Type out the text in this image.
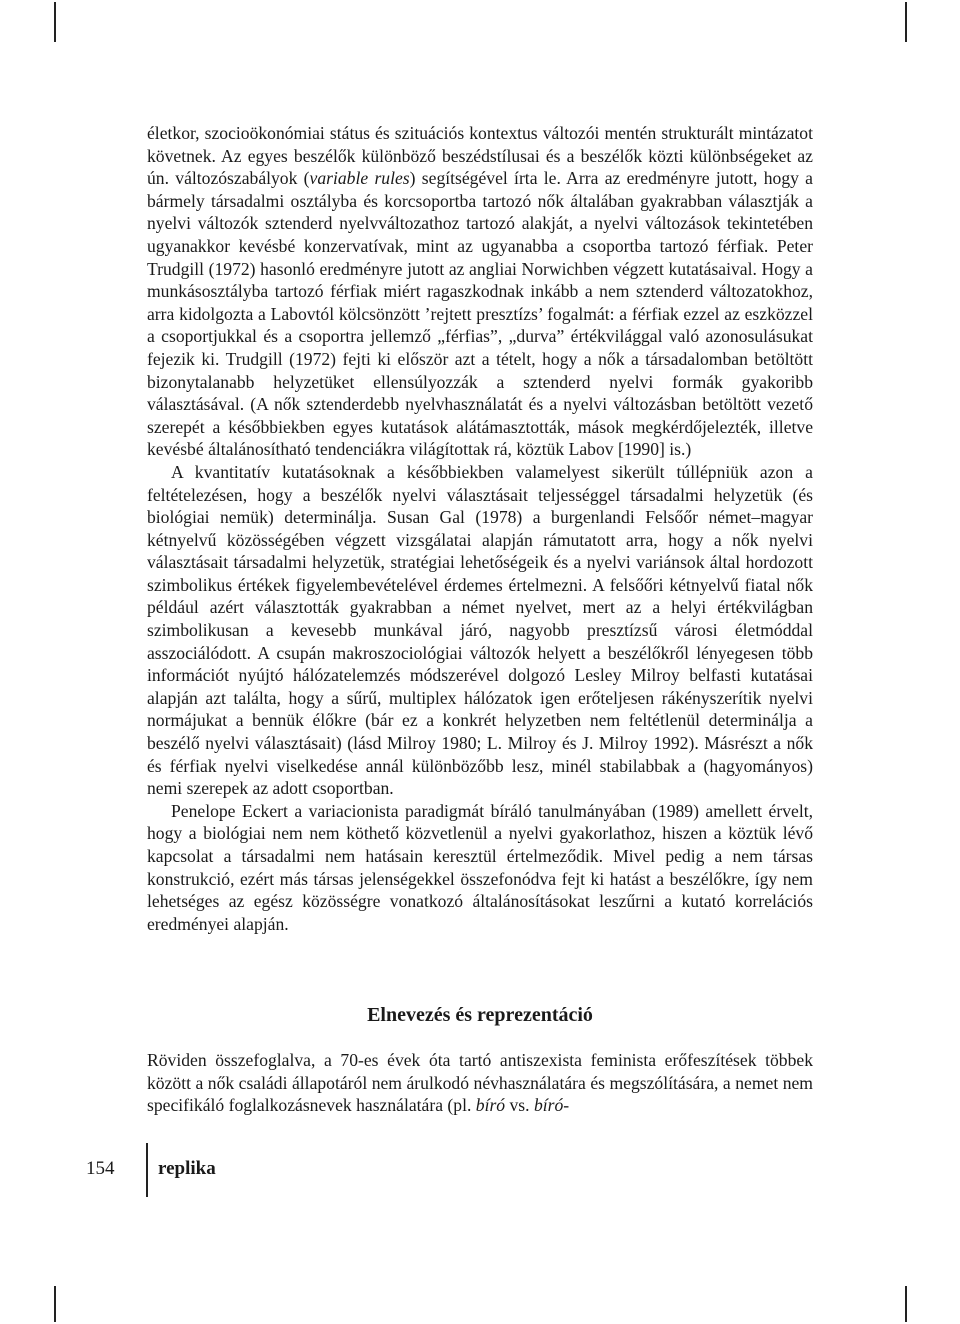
életkor, szocioökonómiai státus és szituációs kontextus változói mentén strukturált mintázatot követnek. Az egyes beszélők különböző beszédstílusai és a beszélők közti különbségeket az ún. változószabályok (variable rules) segítségével írta le. Arra az eredményre jutott, hogy a bármely társadalmi osztályba és korcsoportba tartozó nők általában gyakrabban választják a nyelvi változók sztenderd nyelvváltozathoz tartozó alakját, a nyelvi változások tekintetében ugyanakkor kevésbé konzervatívak, mint az ugyanabba a csoportba tartozó férfiak. Peter Trudgill (1972) hasonló eredményre jutott az angliai Norwichben végzett kutatásaival. Hogy a munkásosztályba tartozó férfiak miért ragaszkodnak inkább a nem sztenderd változatokhoz, arra kidolgozta a Labovtól kölcsönzött ’rejtett presztízs’ fogalmát: a férfiak ezzel az eszközzel a csoportjukkal és a csoportra jellemző „férfias”, „durva” értékvilággal való azonosulásukat fejezik ki. Trudgill (1972) fejti ki először azt a tételt, hogy a nők a társadalomban betöltött bizonytalanabb helyzetüket ellensúlyozzák a sztenderd nyelvi formák gyakoribb választásával. (A nők sztenderdebb nyelvhasználatát és a nyelvi változásban betöltött vezető szerepét a későbbiekben egyes kutatások alátámasztották, mások megkérdőjelezték, illetve kevésbé általánosítható tendenciákra világítottak rá, köztük Labov [1990] is.)

A kvantitatív kutatásoknak a későbbiekben valamelyest sikerült túllépniük azon a feltételezésen, hogy a beszélők nyelvi választásait teljességgel társadalmi helyzetük (és biológiai nemük) determinálja. Susan Gal (1978) a burgenlandi Felsőőr német–magyar kétnyelvű közösségében végzett vizsgálatai alapján rámutatott arra, hogy a nők nyelvi választásait társadalmi helyzetük, stratégiai lehetőségeik és a nyelvi variánsok által hordozott szimbolikus értékek figyelembevételével érdemes értelmezni. A felsőőri kétnyelvű fiatal nők például azért választották gyakrabban a német nyelvet, mert az a helyi értékvilágban szimbolikusan a kevesebb munkával járó, nagyobb presztízsű városi életmóddal asszociálódott. A csupán makroszociológiai változók helyett a beszélőkről lényegesen több információt nyújtó hálózatelemzés módszerével dolgozó Lesley Milroy belfasti kutatásai alapján azt találta, hogy a sűrű, multiplex hálózatok igen erőteljesen rákényszerítik nyelvi normájukat a bennük élőkre (bár ez a konkrét helyzetben nem feltétlenül determinálja a beszélő nyelvi választásait) (lásd Milroy 1980; L. Milroy és J. Milroy 1992). Másrészt a nők és férfiak nyelvi viselkedése annál különbözőbb lesz, minél stabilabbak a (hagyományos) nemi szerepek az adott csoportban.

Penelope Eckert a variacionista paradigmát bíráló tanulmányában (1989) amellett érvelt, hogy a biológiai nem nem köthető közvetlenül a nyelvi gyakorlathoz, hiszen a köztük lévő kapcsolat a társadalmi nem hatásain keresztül értelmeződik. Mivel pedig a nem társas konstrukció, ezért más társas jelenségekkel összefonódva fejt ki hatást a beszélőkre, így nem lehetséges az egész közösségre vonatkozó általánosításokat leszűrni a kutató korrelációs eredményei alapján.

Elnevezés és reprezentáció

Röviden összefoglalva, a 70-es évek óta tartó antiszexista feminista erőfeszítések többek között a nők családi állapotáról nem árulkodó névhasználatára és megszólítására, a nemet nem specifikáló foglalkozásnevek használatára (pl. bíró vs. bíró-

154 replika
